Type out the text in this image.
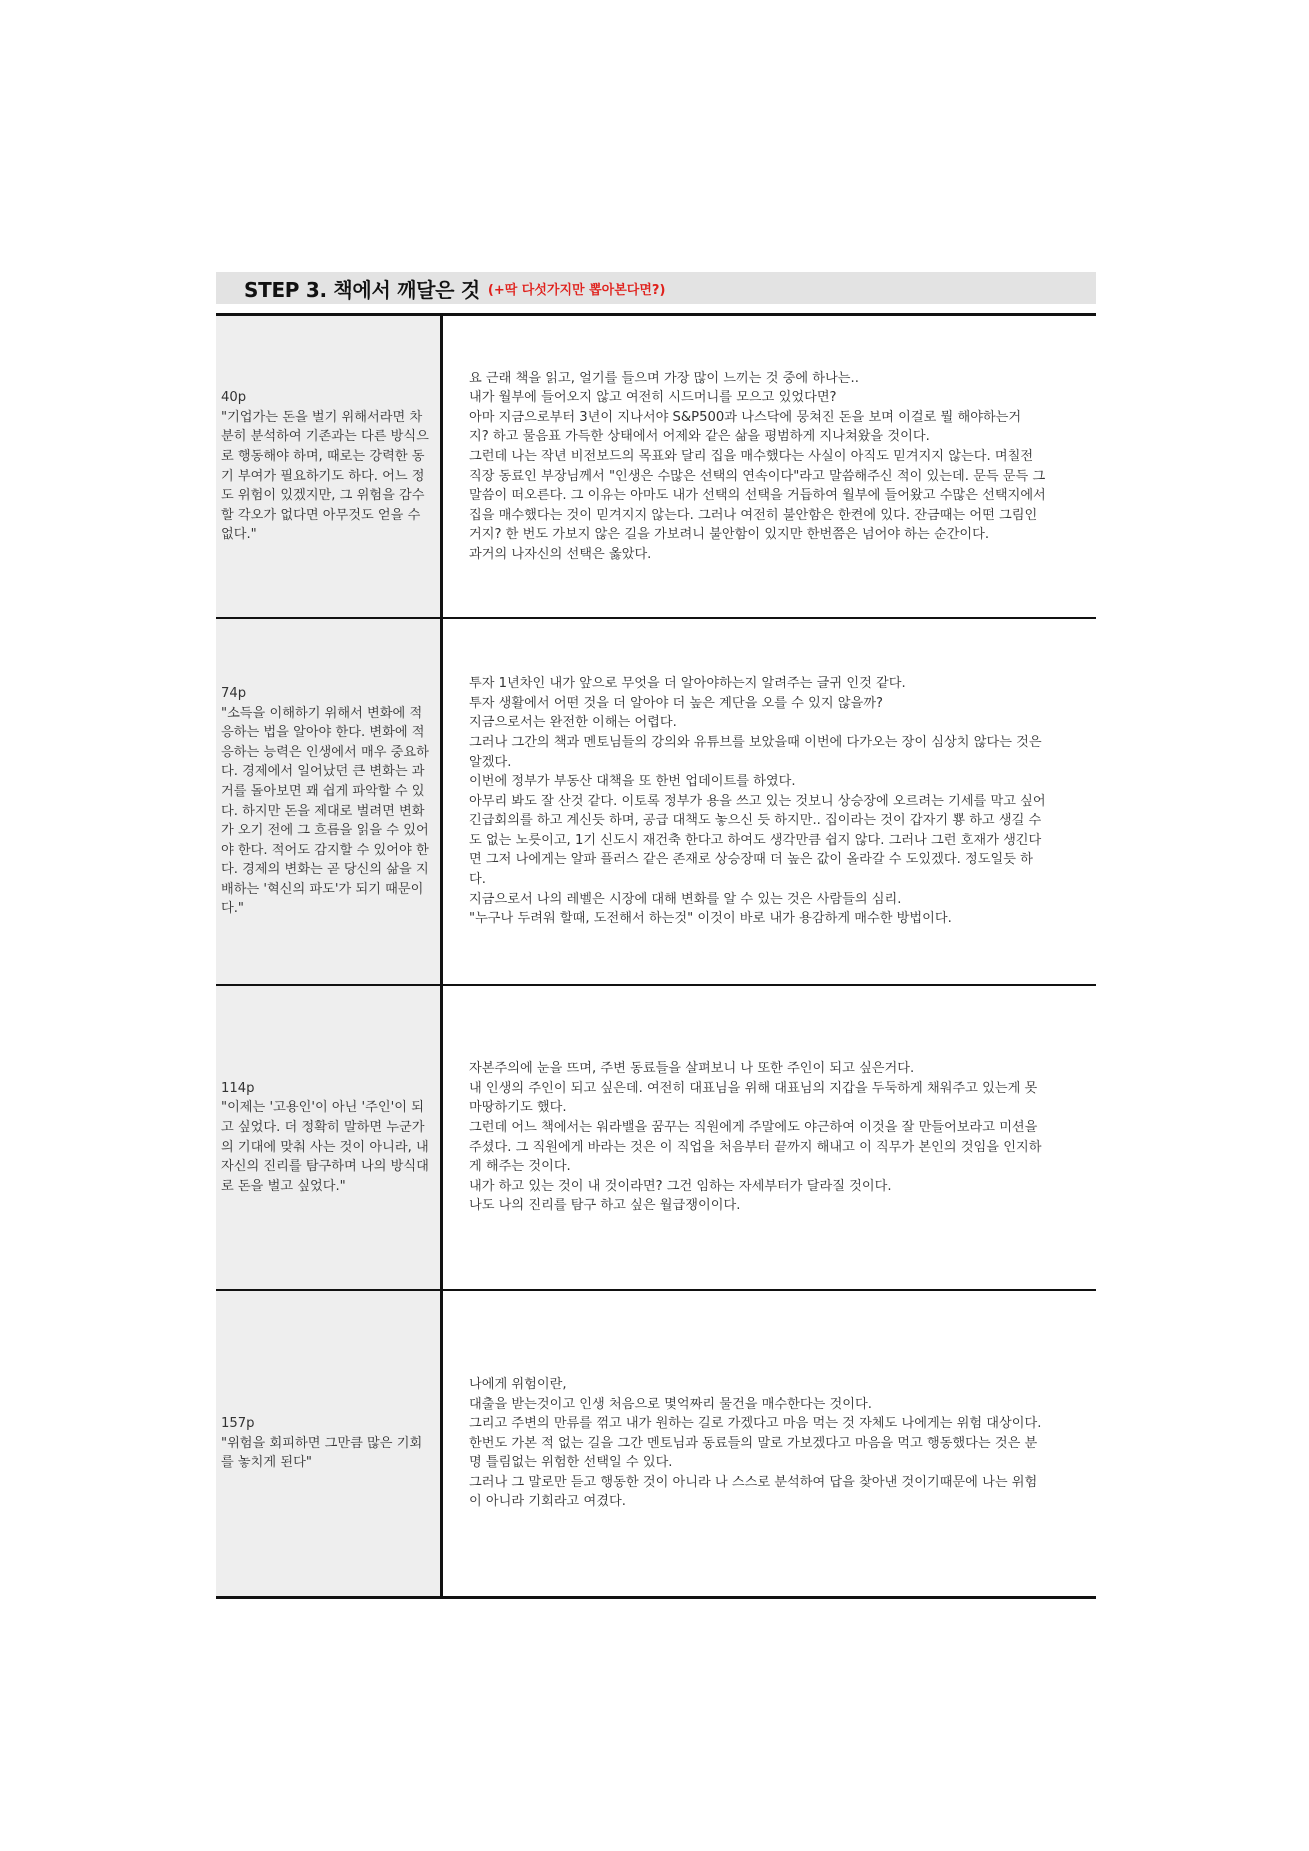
STEP 3. 책에서 깨달은 것 (+딱 다섯가지만 뽑아본다면?)
40p
"기업가는 돈을 벌기 위해서라면 차분히 분석하여 기존과는 다른 방식으로 행동해야 하며, 때로는 강력한 동기 부여가 필요하기도 하다. 어느 정도 위험이 있겠지만, 그 위험을 감수할 각오가 없다면 아무것도 얻을 수 없다."
요 근래 책을 읽고, 얼기를 들으며 가장 많이 느끼는 것 중에 하나는..
내가 월부에 들어오지 않고 여전히 시드머니를 모으고 있었다면?
아마 지금으로부터 3년이 지나서야 S&P500과 나스닥에 뭉쳐진 돈을 보며 이걸로 뭘 해야하는거
지? 하고 물음표 가득한 상태에서 어제와 같은 삶을 평범하게 지나쳐왔을 것이다.
그런데 나는 작년 비전보드의 목표와 달리 집을 매수했다는 사실이 아직도 믿겨지지 않는다. 며칠전
직장 동료인 부장님께서 "인생은 수많은 선택의 연속이다"라고 말씀해주신 적이 있는데. 문득 문득 그
말씀이 떠오른다. 그 이유는 아마도 내가 선택의 선택을 거듭하여 월부에 들어왔고 수많은 선택지에서
집을 매수했다는 것이 믿겨지지 않는다. 그러나 여전히 불안함은 한켠에 있다. 잔금때는 어떤 그림인
거지? 한 번도 가보지 않은 길을 가보려니 불안함이 있지만 한번쯤은 넘어야 하는 순간이다.
과거의 나자신의 선택은 옳았다.
74p
"소득을 이해하기 위해서 변화에 적응하는 법을 알아야 한다. 변화에 적응하는 능력은 인생에서 매우 중요하다. 경제에서 일어났던 큰 변화는 과거를 돌아보면 꽤 쉽게 파악할 수 있다. 하지만 돈을 제대로 벌려면 변화가 오기 전에 그 흐름을 읽을 수 있어야 한다. 적어도 감지할 수 있어야 한다. 경제의 변화는 곧 당신의 삶을 지배하는 '혁신의 파도'가 되기 때문이다."
투자 1년차인 내가 앞으로 무엇을 더 알아야하는지 알려주는 글귀 인것 같다.
투자 생활에서 어떤 것을 더 알아야 더 높은 계단을 오를 수 있지 않을까?
지금으로서는 완전한 이해는 어렵다.
그러나 그간의 책과 멘토님들의 강의와 유튜브를 보았을때 이번에 다가오는 장이 심상치 않다는 것은
알겠다.
이번에 정부가 부동산 대책을 또 한번 업데이트를 하였다.
아무리 봐도 잘 산것 같다. 이토록 정부가 용을 쓰고 있는 것보니 상승장에 오르려는 기세를 막고 싶어
긴급회의를 하고 계신듯 하며, 공급 대책도 놓으신 듯 하지만.. 집이라는 것이 갑자기 뿅 하고 생길 수
도 없는 노릇이고, 1기 신도시 재건축 한다고 하여도 생각만큼 쉽지 않다. 그러나 그런 호재가 생긴다
면 그저 나에게는 알파 플러스 같은 존재로 상승장때 더 높은 값이 올라갈 수 도있겠다. 정도일듯 하
다.
지금으로서 나의 레벨은 시장에 대해 변화를 알 수 있는 것은 사람들의 심리.
"누구나 두려워 할때, 도전해서 하는것" 이것이 바로 내가 용감하게 매수한 방법이다.
114p
"이제는 '고용인'이 아닌 '주인'이 되고 싶었다. 더 정확히 말하면 누군가의 기대에 맞춰 사는 것이 아니라, 내 자신의 진리를 탐구하며 나의 방식대로 돈을 벌고 싶었다."
자본주의에 눈을 뜨며, 주변 동료들을 살펴보니 나 또한 주인이 되고 싶은거다.
내 인생의 주인이 되고 싶은데. 여전히 대표님을 위해 대표님의 지갑을 두둑하게 채워주고 있는게 못
마땅하기도 했다.
그런데 어느 책에서는 워라밸을 꿈꾸는 직원에게 주말에도 야근하여 이것을 잘 만들어보라고 미션을
주셨다. 그 직원에게 바라는 것은 이 직업을 처음부터 끝까지 해내고 이 직무가 본인의 것임을 인지하
게 해주는 것이다.
내가 하고 있는 것이 내 것이라면? 그건 임하는 자세부터가 달라질 것이다.
나도 나의 진리를 탐구 하고 싶은 월급쟁이이다.
157p
"위험을 회피하면 그만큼 많은 기회를 놓치게 된다"
나에게 위험이란,
대출을 받는것이고 인생 처음으로 몇억짜리 물건을 매수한다는 것이다.
그리고 주변의 만류를 꺾고 내가 원하는 길로 가겠다고 마음 먹는 것 자체도 나에게는 위험 대상이다.
한번도 가본 적 없는 길을 그간 멘토님과 동료들의 말로 가보겠다고 마음을 먹고 행동했다는 것은 분
명 틀림없는 위험한 선택일 수 있다.
그러나 그 말로만 듣고 행동한 것이 아니라 나 스스로 분석하여 답을 찾아낸 것이기때문에 나는 위험
이 아니라 기회라고 여겼다.
